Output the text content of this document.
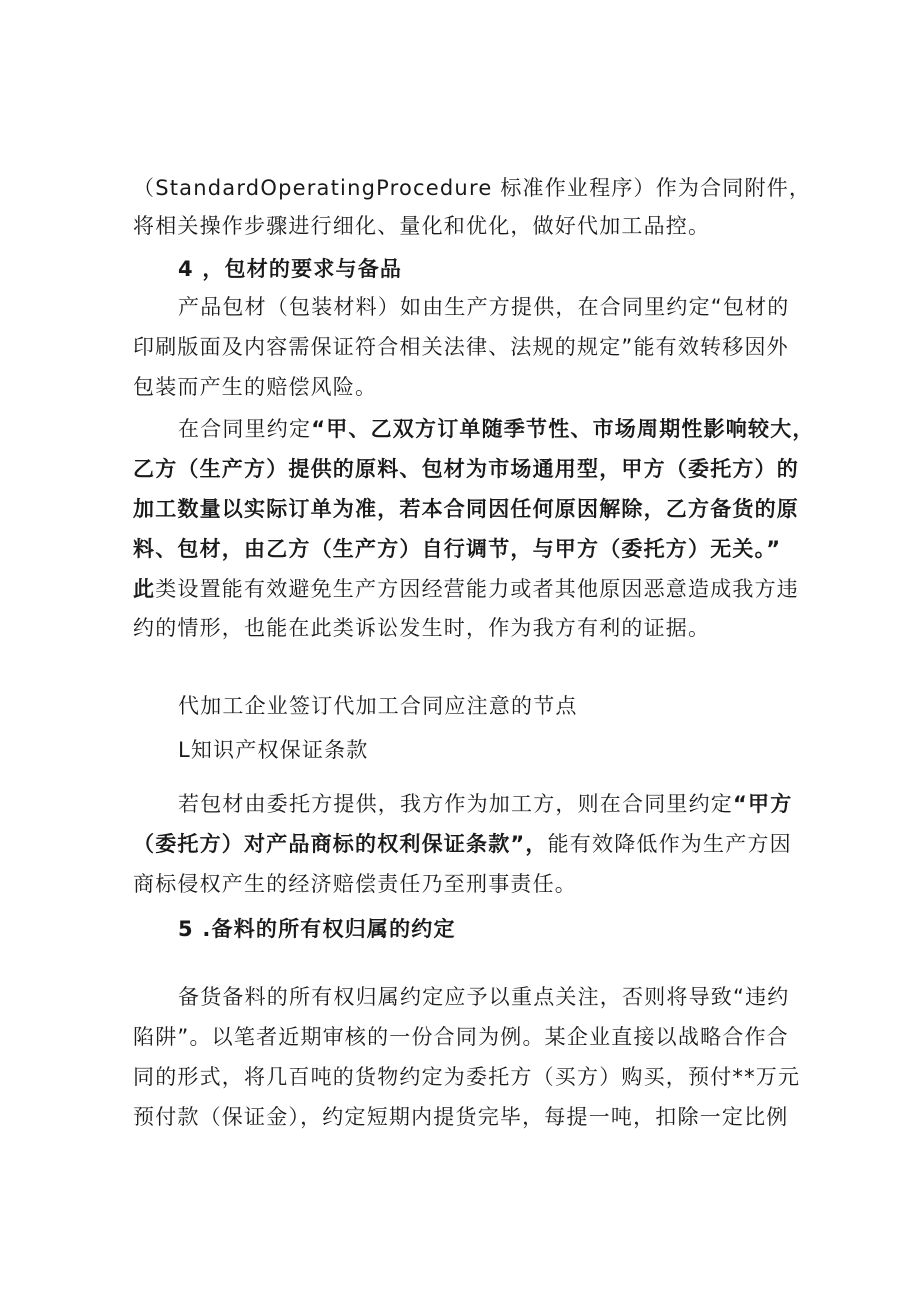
（StandardOperatingProcedure 标准作业程序）作为合同附件，
将相关操作步骤进行细化、量化和优化，做好代加工品控。
4 ，包材的要求与备品
产品包材（包装材料）如由生产方提供，在合同里约定“包材的
印刷版面及内容需保证符合相关法律、法规的规定”能有效转移因外
包装而产生的赔偿风险。
在合同里约定“甲、乙双方订单随季节性、市场周期性影响较大，
乙方（生产方）提供的原料、包材为市场通用型，甲方（委托方）的
加工数量以实际订单为准，若本合同因任何原因解除，乙方备货的原
料、包材，由乙方（生产方）自行调节，与甲方（委托方）无关。”
此类设置能有效避免生产方因经营能力或者其他原因恶意造成我方违
约的情形，也能在此类诉讼发生时，作为我方有利的证据。
代加工企业签订代加工合同应注意的节点
L知识产权保证条款
若包材由委托方提供，我方作为加工方，则在合同里约定“甲方
（委托方）对产品商标的权利保证条款”，能有效降低作为生产方因
商标侵权产生的经济赔偿责任乃至刑事责任。
5 .备料的所有权归属的约定
备货备料的所有权归属约定应予以重点关注，否则将导致“违约
陷阱”。以笔者近期审核的一份合同为例。某企业直接以战略合作合
同的形式，将几百吨的货物约定为委托方（买方）购买，预付**万元
预付款（保证金），约定短期内提货完毕，每提一吨，扣除一定比例
